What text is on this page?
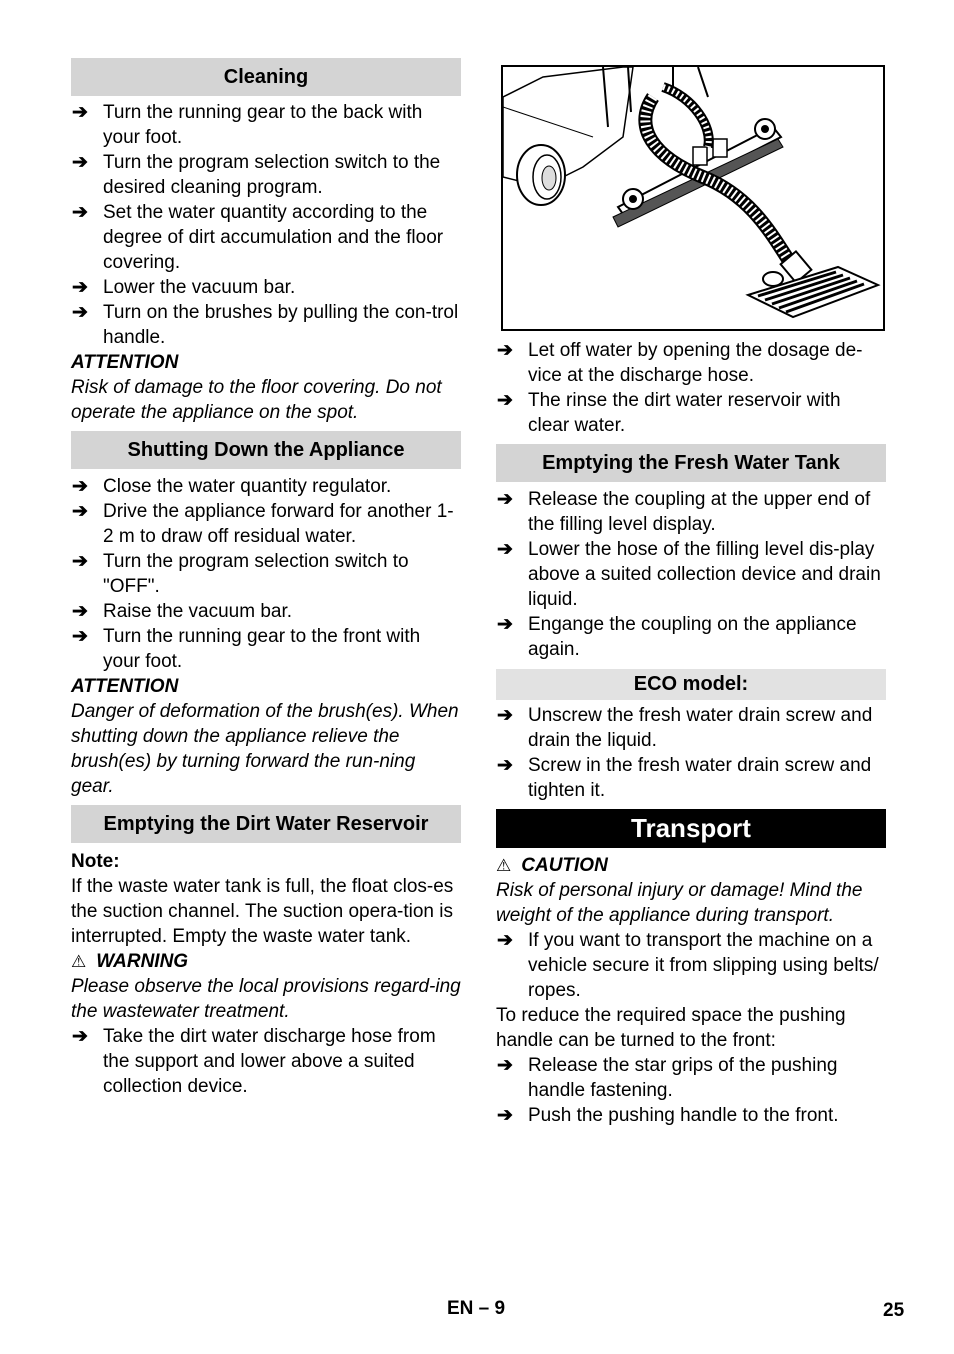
Cleaning
➔ Turn the running gear to the back with your foot.
➔ Turn the program selection switch to the desired cleaning program.
➔ Set the water quantity according to the degree of dirt accumulation and the floor covering.
➔ Lower the vacuum bar.
➔ Turn on the brushes by pulling the con-trol handle.
ATTENTION

Risk of damage to the floor covering. Do not operate the appliance on the spot.

Shutting Down the Appliance
➔ Close the water quantity regulator.
➔ Drive the appliance forward for another 1-2 m to draw off residual water.
➔ Turn the program selection switch to "OFF".
➔ Raise the vacuum bar.
➔ Turn the running gear to the front with your foot.
ATTENTION

Danger of deformation of the brush(es). When shutting down the appliance relieve the brush(es) by turning forward the run-ning gear.

Emptying the Dirt Water Reservoir
Note:

If the waste water tank is full, the float clos-es the suction channel. The suction opera-tion is interrupted. Empty the waste water tank.

⚠ WARNING

Please observe the local provisions regard-ing the wastewater treatment.

➔ Take the dirt water discharge hose from the support and lower above a suited collection device.
➔ Let off water by opening the dosage de-vice at the discharge hose.
➔ The rinse the dirt water reservoir with clear water.
Emptying the Fresh Water Tank
➔ Release the coupling at the upper end of the filling level display.
➔ Lower the hose of the filling level dis-play above a suited collection device and drain liquid.
➔ Engange the coupling on the appliance again.
ECO model:
➔ Unscrew the fresh water drain screw and drain the liquid.
➔ Screw in the fresh water drain screw and tighten it.
Transport
⚠ CAUTION

Risk of personal injury or damage! Mind the weight of the appliance during transport.

➔ If you want to transport the machine on a vehicle secure it from slipping using belts/ ropes.

To reduce the required space the pushing handle can be turned to the front:

➔ Release the star grips of the pushing handle fastening.
➔ Push the pushing handle to the front.
EN – 9	25
